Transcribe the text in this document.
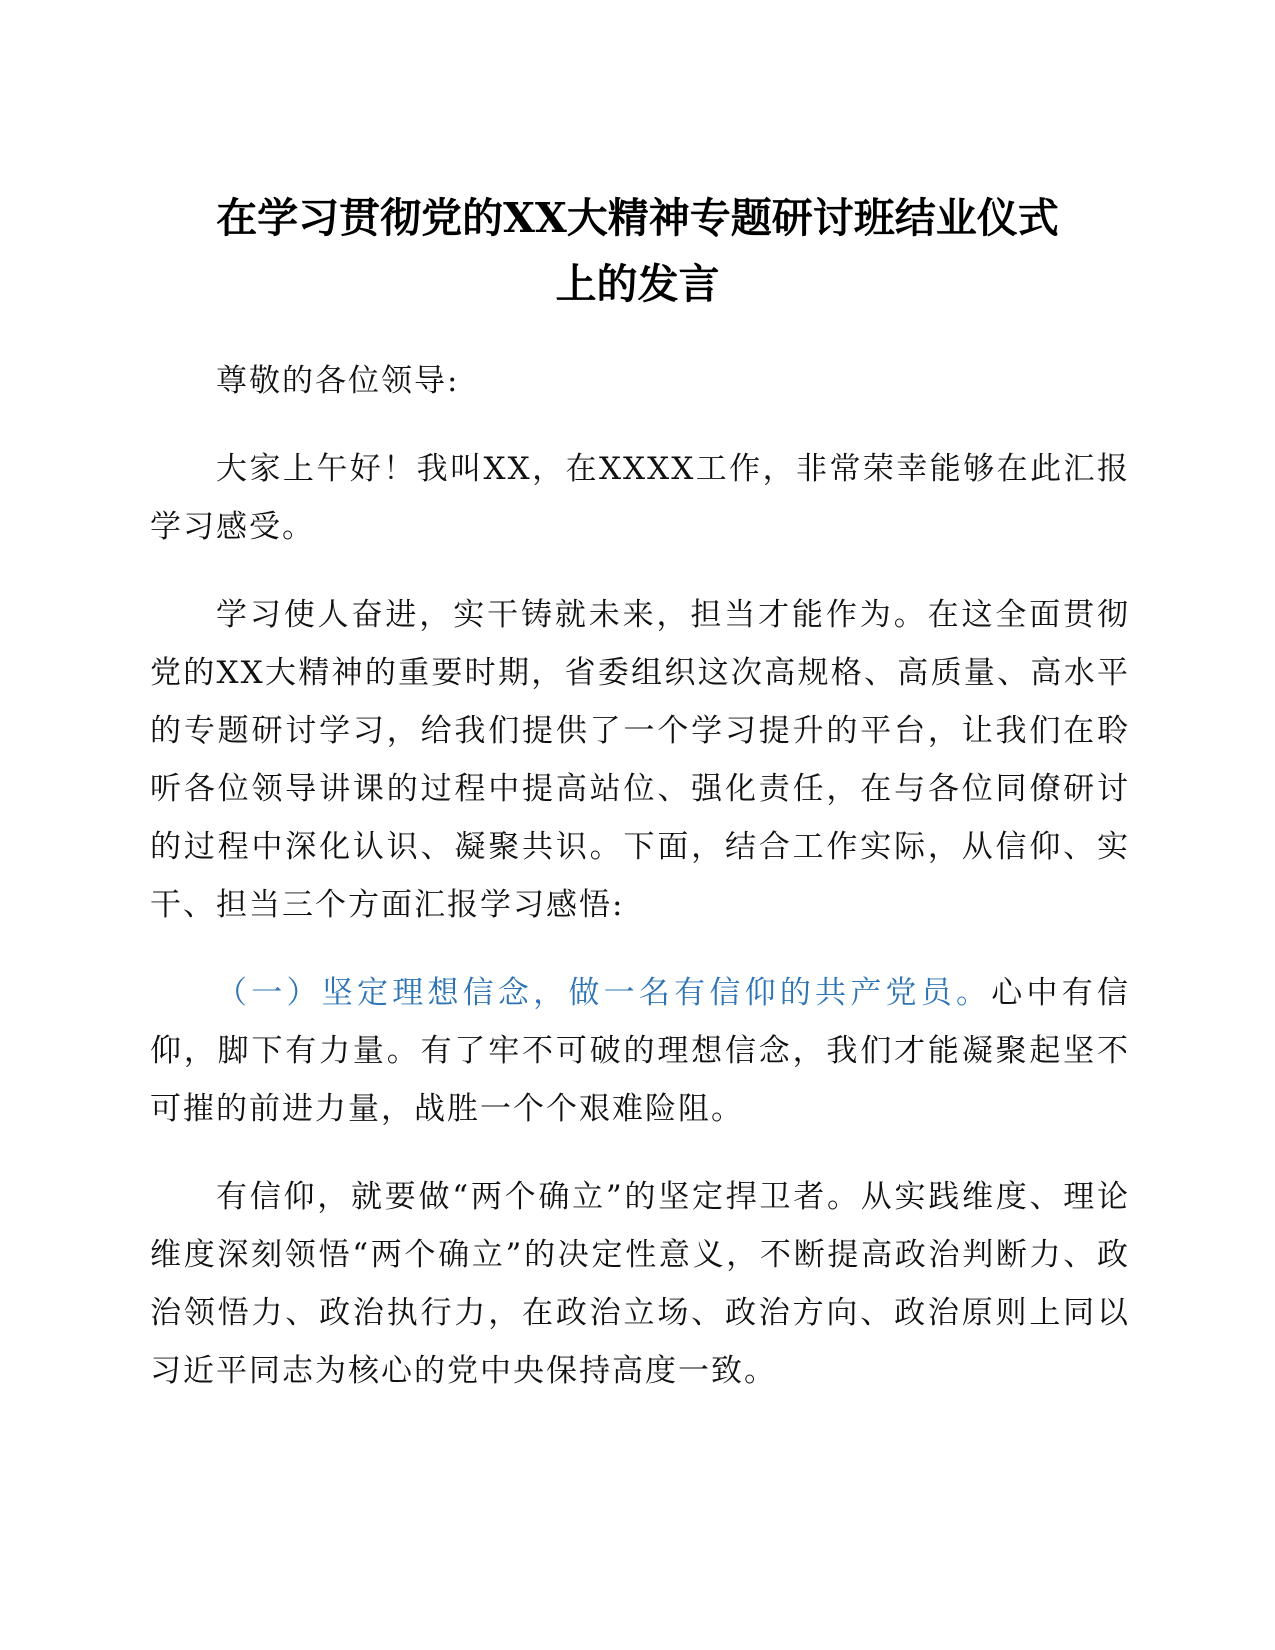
在学习贯彻党的XX大精神专题研讨班结业仪式
上的发言

尊敬的各位领导:

大家上午好！我叫XX，在XXXX工作，非常荣幸能够在此汇报学习感受。

学习使人奋进，实干铸就未来，担当才能作为。在这全面贯彻党的XX大精神的重要时期，省委组织这次高规格、高质量、高水平的专题研讨学习，给我们提供了一个学习提升的平台，让我们在聆听各位领导讲课的过程中提高站位、强化责任，在与各位同僚研讨的过程中深化认识、凝聚共识。下面，结合工作实际，从信仰、实干、担当三个方面汇报学习感悟:

（一）坚定理想信念，做一名有信仰的共产党员。心中有信仰，脚下有力量。有了牢不可破的理想信念，我们才能凝聚起坚不可摧的前进力量，战胜一个个艰难险阻。

有信仰，就要做“两个确立”的坚定捍卫者。从实践维度、理论维度深刻领悟“两个确立”的决定性意义，不断提高政治判断力、政治领悟力、政治执行力，在政治立场、政治方向、政治原则上同以习近平同志为核心的党中央保持高度一致。
